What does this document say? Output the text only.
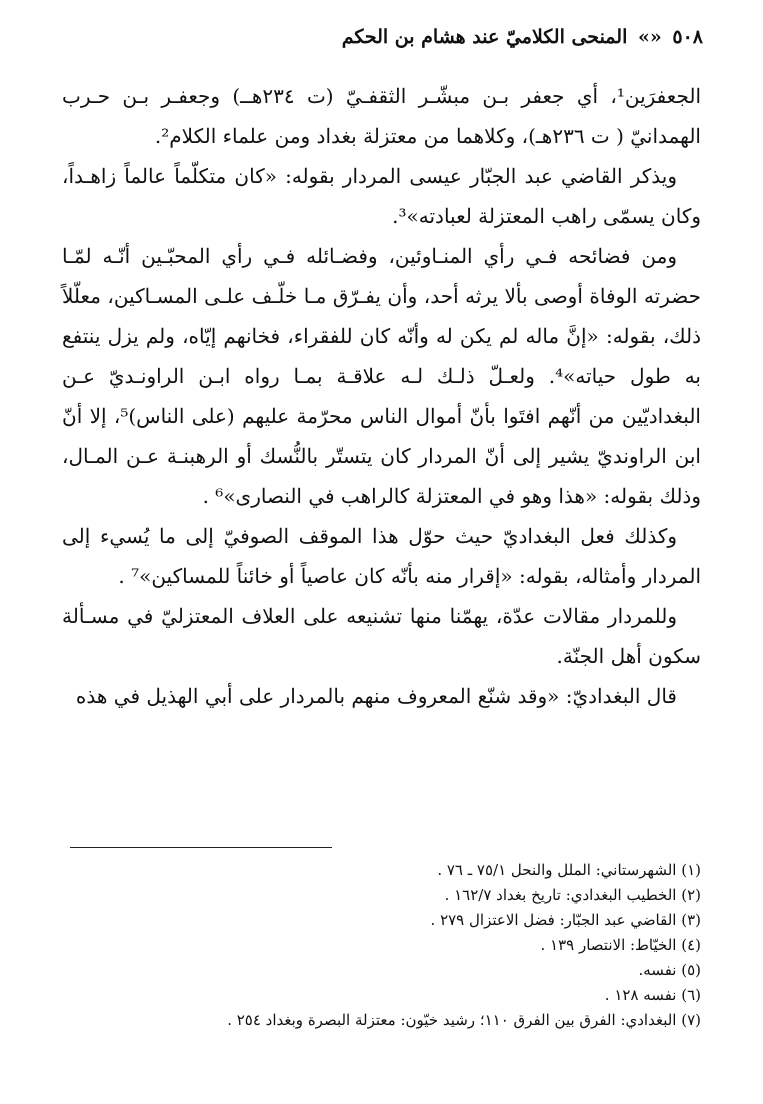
٥٠٨ «» المنحى الكلاميّ عند هشام بن الحكم

الجعفرَين¹، أي جعفر بـن مبشّـر الثقفـيّ (ت ٢٣٤هــ) وجعفـر بـن حـرب الهمدانيّ ( ت ٢٣٦هـ)، وكلاهما من معتزلة بغداد ومن علماء الكلام².

ويذكر القاضي عبد الجبّار عيسى المردار بقوله: «كان متكلّماً عالماً زاهـداً، وكان يسمّى راهب المعتزلة لعبادته»³.

ومن فضائحه فـي رأي المنـاوئين، وفضـائله فـي رأي المحبّـين أنّـه لمّـا حضرته الوفاة أوصى بألا يرثه أحد، وأن يفـرّق مـا خلّـف علـى المسـاكين، معلّلاً ذلك، بقوله: «إنَّ ماله لم يكن له وأنّه كان للفقراء، فخانهم إيّاه، ولم يزل ينتفع به طول حياته»⁴. ولعـلّ ذلـك لـه علاقـة بمـا رواه ابـن الراونـديّ عـن البغداديّين من أنّهم افتَوا بأنّ أموال الناس محرّمة عليهم (على الناس)⁵، إلا أنّ ابن الراونديّ يشير إلى أنّ المردار كان يتستّر بالنُّسك أو الرهبنـة عـن المـال، وذلك بقوله: «هذا وهو في المعتزلة كالراهب في النصارى»⁶ .

وكذلك فعل البغداديّ حيث حوّل هذا الموقف الصوفيّ إلى ما يُسيء إلى المردار وأمثاله، بقوله: «إقرار منه بأنّه كان عاصياً أو خائناً للمساكين»⁷ .

وللمردار مقالات عدّة، يهمّنا منها تشنيعه على العلاف المعتزليّ في مسـألة سكون أهل الجنّة.

قال البغداديّ: «وقد شنّع المعروف منهم بالمردار على أبي الهذيل في هذه

(١) الشهرستاني: الملل والنحل ٧٥/١ ـ ٧٦ .
(٢) الخطيب البغدادي: تاريخ بغداد ١٦٢/٧ .
(٣) القاضي عبد الجبّار: فضل الاعتزال ٢٧٩ .
(٤) الخيّاط: الانتصار ١٣٩ .
(٥) نفسه.
(٦) نفسه ١٢٨ .
(٧) البغدادي: الفرق بين الفرق ١١٠؛ رشيد خيّون: معتزلة البصرة وبغداد ٢٥٤ .
